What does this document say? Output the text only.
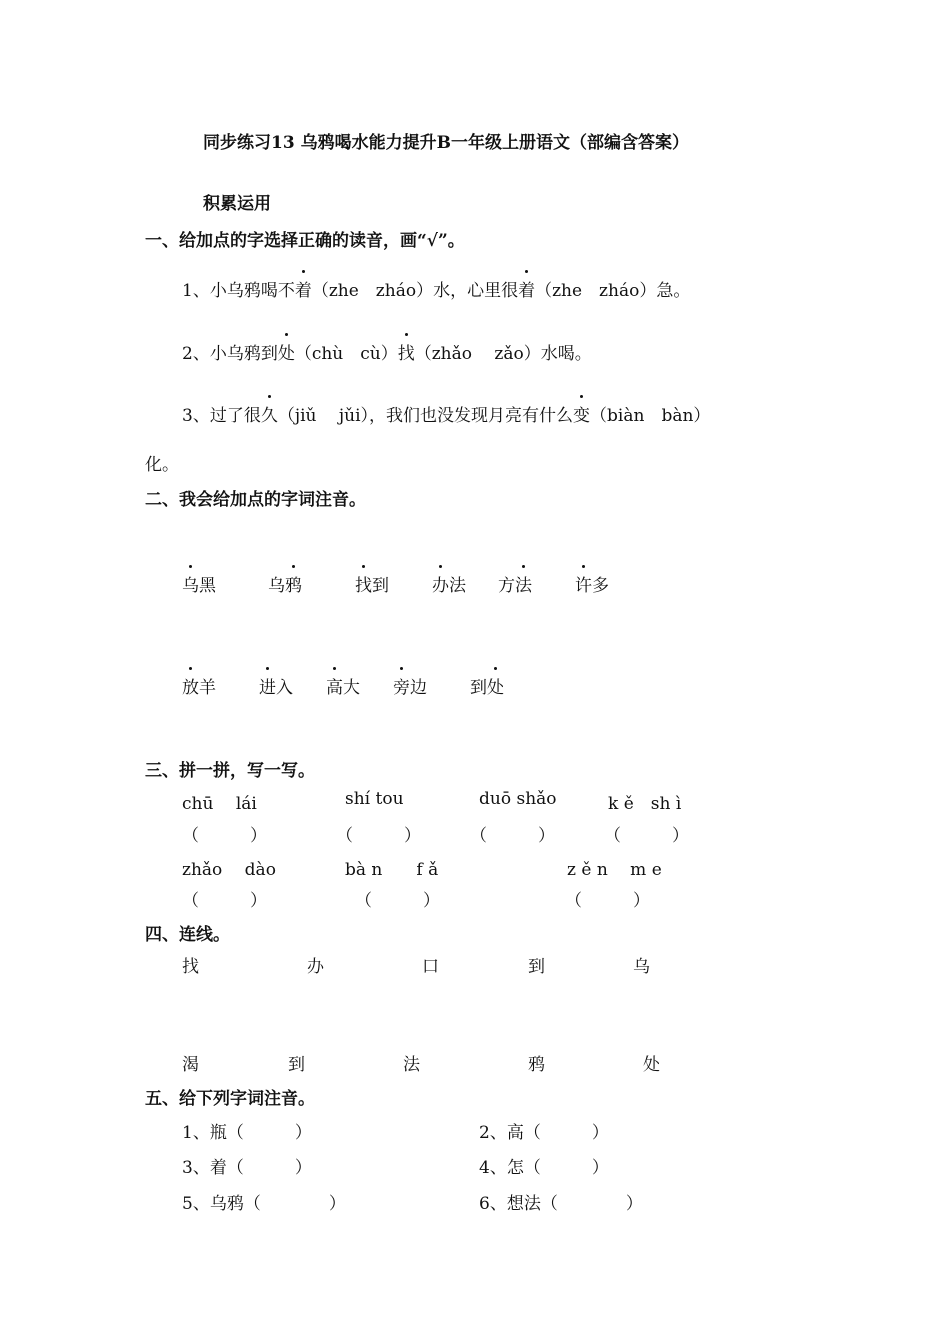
同步练习13 乌鸦喝水能力提升B一年级上册语文（部编含答案）
积累运用
一、给加点的字选择正确的读音，画“√”。
1、小乌鸦喝不着（zhe　zháo）水，心里很着（zhe　zháo）急。
2、小乌鸦到处（chù　cù）找（zhǎo　 zǎo）水喝。
3、过了很久（jiǔ　 jǔi），我们也没发现月亮有什么变（biàn　bàn）
化。
二、我会给加点的字词注音。
乌黑	乌鸦	找到	办法 方法	许多
放羊	进入 高大 旁边	到处
三、拼一拼，写一写。
chū　 lái	shí tou	duō shǎo	k ě　sh ì
（　　　）	（　　　）	（　　　）	（　　　）
zhǎo　 dào	bà n　　f ǎ	z ě n　 m e
（　　　）	（　　　）	（　　　）
四、连线。
找	办	口	到	乌
渴	到	法	鸦	处
五、给下列字词注音。
1、瓶（　　　）	2、高（　　　）
3、着（　　　）	4、怎（　　　）
5、乌鸦（　　　　）	6、想法（　　　　）
